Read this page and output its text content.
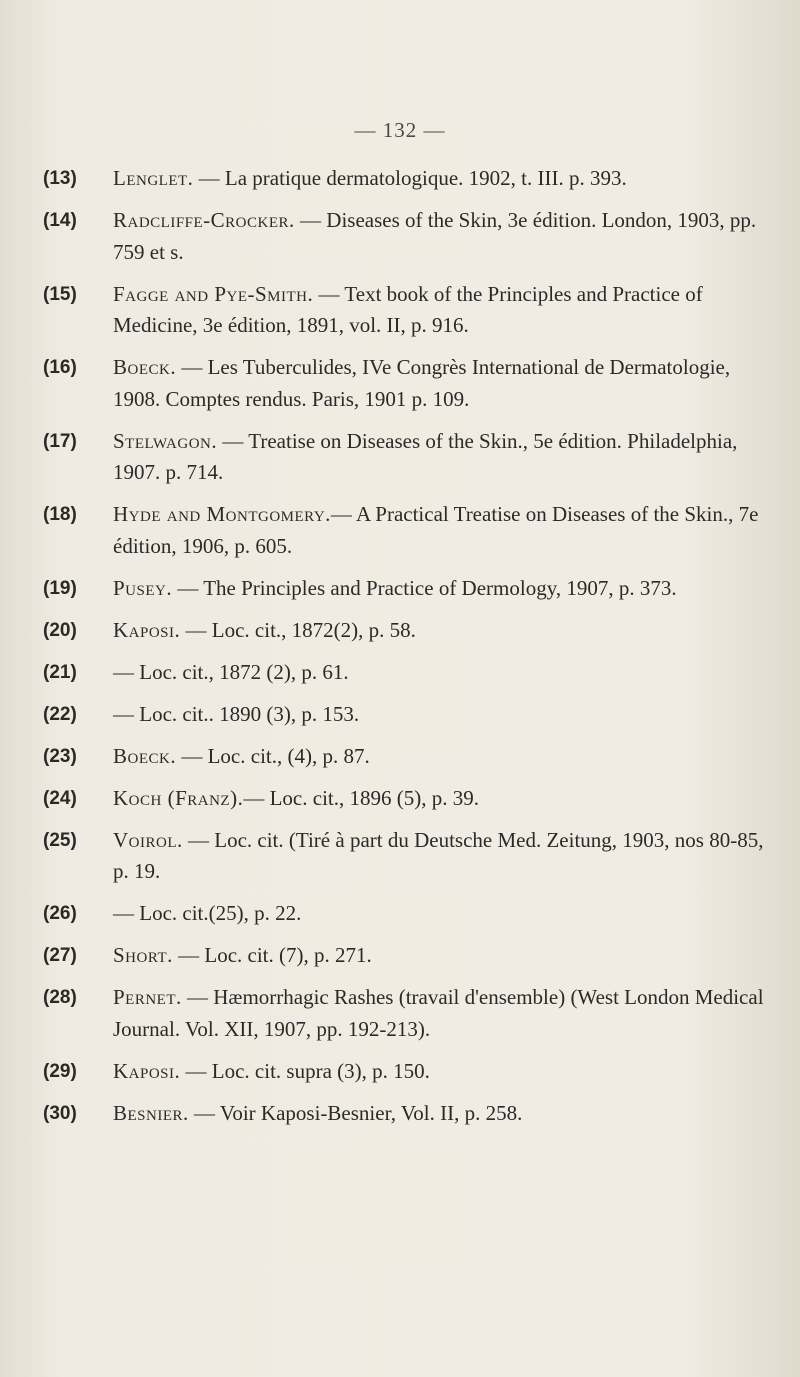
— 132 —
(13)	Lenglet. — La pratique dermatologique. 1902, t. III. p. 393.
(14)	Radcliffe-Crocker. — Diseases of the Skin, 3e édition. London, 1903, pp. 759 et s.
(15)	Fagge and Pye-Smith. — Text book of the Principles and Practice of Medicine, 3e édition, 1891, vol. II, p. 916.
(16)	Boeck. — Les Tuberculides, IVe Congrès International de Dermatologie, 1908. Comptes rendus. Paris, 1901 p. 109.
(17)	Stelwagon. — Treatise on Diseases of the Skin., 5e édition. Philadelphia, 1907. p. 714.
(18)	Hyde and Montgomery.— A Practical Treatise on Diseases of the Skin., 7e édition, 1906, p. 605.
(19)	Pusey. — The Principles and Practice of Dermology, 1907, p. 373.
(20)	Kaposi. — Loc. cit., 1872(2), p. 58.
(21)	— Loc. cit., 1872 (2), p. 61.
(22)	— Loc. cit.. 1890 (3), p. 153.
(23)	Boeck. — Loc. cit., (4), p. 87.
(24)	Koch (Franz).— Loc. cit., 1896 (5), p. 39.
(25)	Voirol. — Loc. cit. (Tiré à part du Deutsche Med. Zeitung, 1903, nos 80-85, p. 19.
(26)	— Loc. cit.(25), p. 22.
(27)	Short. — Loc. cit. (7), p. 271.
(28)	Pernet. — Hæmorrhagic Rashes (travail d'ensemble) (West London Medical Journal. Vol. XII, 1907, pp. 192-213).
(29)	Kaposi. — Loc. cit. supra (3), p. 150.
(30)	Besnier. — Voir Kaposi-Besnier, Vol. II, p. 258.
